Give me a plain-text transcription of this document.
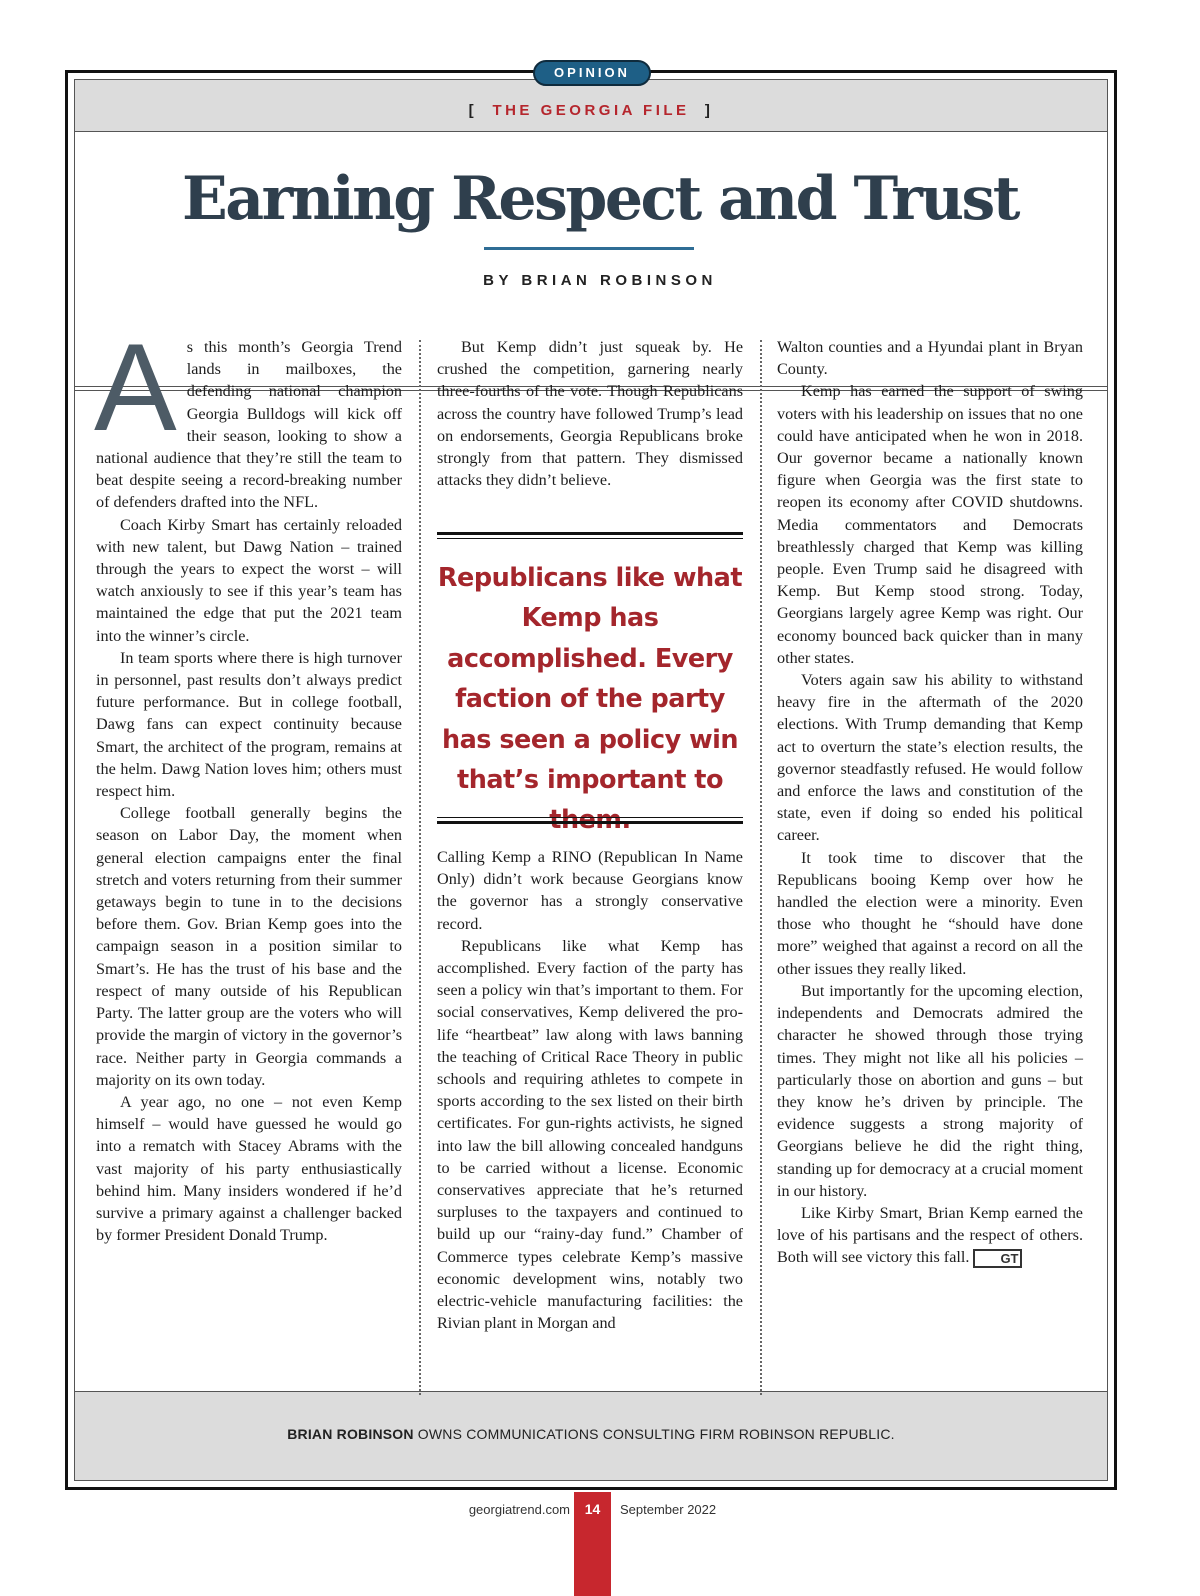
[ THE GEORGIA FILE ]
BRIAN ROBINSON OWNS COMMUNICATIONS CONSULTING FIRM ROBINSON REPUBLIC.
OPINION
Earning Respect and Trust
BY BRIAN ROBINSON
A s this month’s Georgia Trend lands in mailboxes, the defending national champion Georgia Bulldogs will kick off their season, looking to show a national audience that they’re still the team to beat despite seeing a record-breaking number of defenders drafted into the NFL.

Coach Kirby Smart has certainly reloaded with new talent, but Dawg Nation – trained through the years to expect the worst – will watch anxiously to see if this year’s team has maintained the edge that put the 2021 team into the winner’s circle.

In team sports where there is high turnover in personnel, past results don’t always predict future performance. But in college football, Dawg fans can expect continuity because Smart, the architect of the program, remains at the helm. Dawg Nation loves him; others must respect him.

College football generally begins the season on Labor Day, the moment when general election campaigns enter the final stretch and voters returning from their summer getaways begin to tune in to the decisions before them. Gov. Brian Kemp goes into the campaign season in a position similar to Smart’s. He has the trust of his base and the respect of many outside of his Republican Party. The latter group are the voters who will provide the margin of victory in the governor’s race. Neither party in Georgia commands a majority on its own today.

A year ago, no one – not even Kemp himself – would have guessed he would go into a rematch with Stacey Abrams with the vast majority of his party enthusiastically behind him. Many insiders wondered if he’d survive a primary against a challenger backed by former President Donald Trump.

But Kemp didn’t just squeak by. He crushed the competition, garnering nearly three-fourths of the vote. Though Republicans across the country have followed Trump’s lead on endorsements, Georgia Republicans broke strongly from that pattern. They dismissed attacks they didn’t believe.

Republicans like what Kemp has accomplished. Every faction of the party has seen a policy win that’s important to

Calling Kemp a RINO (Republican In Name Only) didn’t work because Georgians know the governor has a strongly conservative record.

Republicans like what Kemp has accomplished. Every faction of the party has seen a policy win that’s important to them. For social conservatives, Kemp delivered the pro-life “heartbeat” law along with laws banning the teaching of Critical Race Theory in public schools and requiring athletes to compete in sports according to the sex listed on their birth certificates. For gun-rights activists, he signed into law the bill allowing concealed handguns to be carried without a license. Economic conservatives appreciate that he’s returned surpluses to the taxpayers and continued to build up our “rainy-day fund.” Chamber of Commerce types celebrate Kemp’s massive economic development wins, notably two electric-vehicle manufacturing facilities: the Rivian plant in Morgan and

Walton counties and a Hyundai plant in Bryan County.

Kemp has earned the support of swing voters with his leadership on issues that no one could have anticipated when he won in 2018. Our governor became a nationally known figure when Georgia was the first state to reopen its economy after COVID shutdowns. Media commentators and Democrats breathlessly charged that Kemp was killing people. Even Trump said he disagreed with Kemp. But Kemp stood strong. Today, Georgians largely agree Kemp was right. Our economy bounced back quicker than in many other states.

Voters again saw his ability to withstand heavy fire in the aftermath of the 2020 elections. With Trump demanding that Kemp act to overturn the state’s election results, the governor steadfastly refused. He would follow and enforce the laws and constitution of the state, even if doing so ended his political career.

It took time to discover that the Republicans booing Kemp over how he handled the election were a minority. Even those who thought he “should have done more” weighed that against a record on all the other issues they really liked.

But importantly for the upcoming election, independents and Democrats admired the character he showed through those trying times. They might not like all his policies – particularly those on abortion and guns – but they know he’s driven by principle. The evidence suggests a strong majority of Georgians believe he did the right thing, standing up for democracy at a crucial moment in our history.

Like Kirby Smart, Brian Kemp earned the love of his partisans and the respect of others. Both will see victory this fall. GT

georgiatrend.com	14	September 2022
